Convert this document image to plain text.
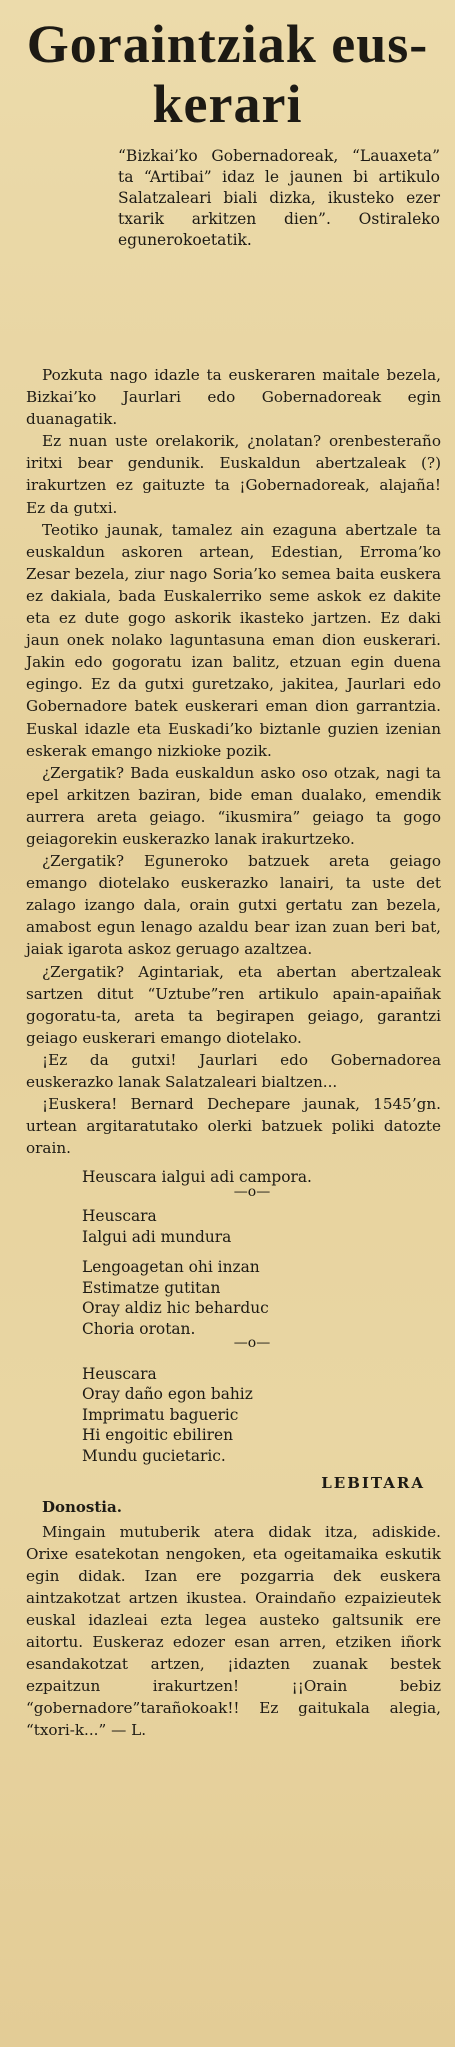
Goraintziak eus-
kerari

“Bizkai’ko Gobernadoreak, “Lauaxeta” ta “Artibai” idaz le jaunen bi artikulo Salatzaleari biali dizka, ikusteko ezer txarik arkitzen dien”. Ostiraleko egunerokoetatik.

Pozkuta nago idazle ta euskeraren maitale bezela, Bizkai’ko Jaurlari edo Gobernadoreak egin duanagatik.

Ez nuan uste orelakorik, ¿nolatan? orenbesteraño iritxi bear gendunik. Euskaldun abertzaleak (?) irakurtzen ez gaituzte ta ¡Gobernadoreak, alajaña! Ez da gutxi.

Teotiko jaunak, tamalez ain ezaguna abertzale ta euskaldun askoren artean, Edestian, Erroma’ko Zesar bezela, ziur nago Soria’ko semea baita euskera ez dakiala, bada Euskalerriko seme askok ez dakite eta ez dute gogo askorik ikasteko jartzen. Ez daki jaun onek nolako laguntasuna eman dion euskerari. Jakin edo gogoratu izan balitz, etzuan egin duena egingo. Ez da gutxi guretzako, jakitea, Jaurlari edo Gobernadore batek euskerari eman dion garrantzia. Euskal idazle eta Euskadi’ko biztanle guzien izenian eskerak emango nizkioke pozik.

¿Zergatik? Bada euskaldun asko oso otzak, nagi ta epel arkitzen baziran, bide eman dualako, emendik aurrera areta geiago. “ikusmira” geiago ta gogo geiagorekin euskerazko lanak irakurtzeko.

¿Zergatik? Eguneroko batzuek areta geiago emango diotelako euskerazko lanairi, ta uste det zalago izango dala, orain gutxi gertatu zan bezela, amabost egun lenago azaldu bear izan zuan beri bat, jaiak igarota askoz geruago azaltzea.

¿Zergatik? Agintariak, eta abertan abertzaleak sartzen ditut “Uztube”ren artikulo apain-apaiñak gogoratu-ta, areta ta begirapen geiago, garantzi geiago euskerari emango diotelako.

¡Ez da gutxi! Jaurlari edo Gobernadorea euskerazko lanak Salatzaleari bialtzen...

¡Euskera! Bernard Dechepare jaunak, 1545’gn. urtean argitaratutako olerki batzuek poliki datozte orain.

Heuscara ialgui adi campora.
—o—
Heuscara
Ialgui adi mundura
Lengoagetan ohi inzan
Estimatze gutitan
Oray aldiz hic beharduc
Choria orotan.
—o—
Heuscara
Oray daño egon bahiz
Imprimatu bagueric
Hi engoitic ebiliren
Mundu gucietaric.
LEBITARA
Donostia.

Mingain mutuberik atera didak itza, adiskide. Orixe esatekotan nengoken, eta ogeitamaika eskutik egin didak. Izan ere pozgarria dek euskera aintzakotzat artzen ikustea. Oraindaño ezpaizieutek euskal idazleai ezta legea austeko galtsunik ere aitortu. Euskeraz edozer esan arren, etziken iñork esandakotzat artzen, ¡idazten zuanak bestek ezpaitzun irakurtzen! ¡¡Orain bebiz “gobernadore”tarañokoak!! Ez gaitukala alegia, “txori-k...” — L.
